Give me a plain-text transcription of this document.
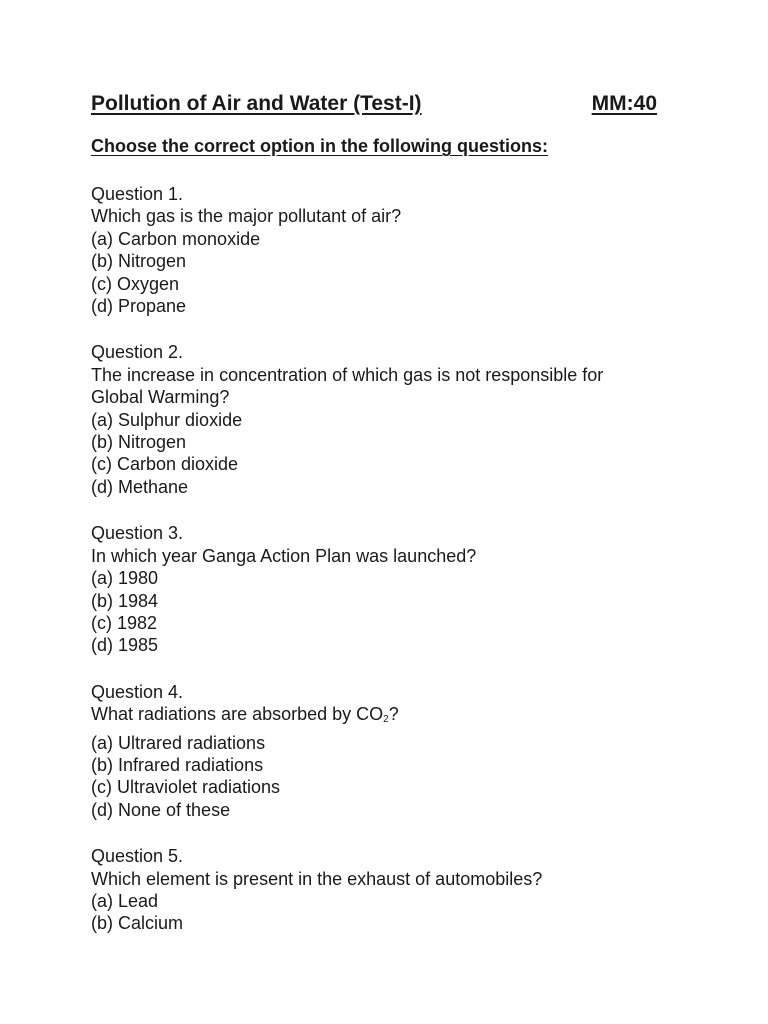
Pollution of Air and Water (Test-I)	MM:40
Choose the correct option in the following questions:
Question 1.
Which gas is the major pollutant of air?
(a) Carbon monoxide
(b) Nitrogen
(c) Oxygen
(d) Propane
Question 2.
The increase in concentration of which gas is not responsible for Global Warming?
(a) Sulphur dioxide
(b) Nitrogen
(c) Carbon dioxide
(d) Methane
Question 3.
In which year Ganga Action Plan was launched?
(a) 1980
(b) 1984
(c) 1982
(d) 1985
Question 4.
What radiations are absorbed by $CO_2$?
(a) Ultrared radiations
(b) Infrared radiations
(c) Ultraviolet radiations
(d) None of these
Question 5.
Which element is present in the exhaust of automobiles?
(a) Lead
(b) Calcium
